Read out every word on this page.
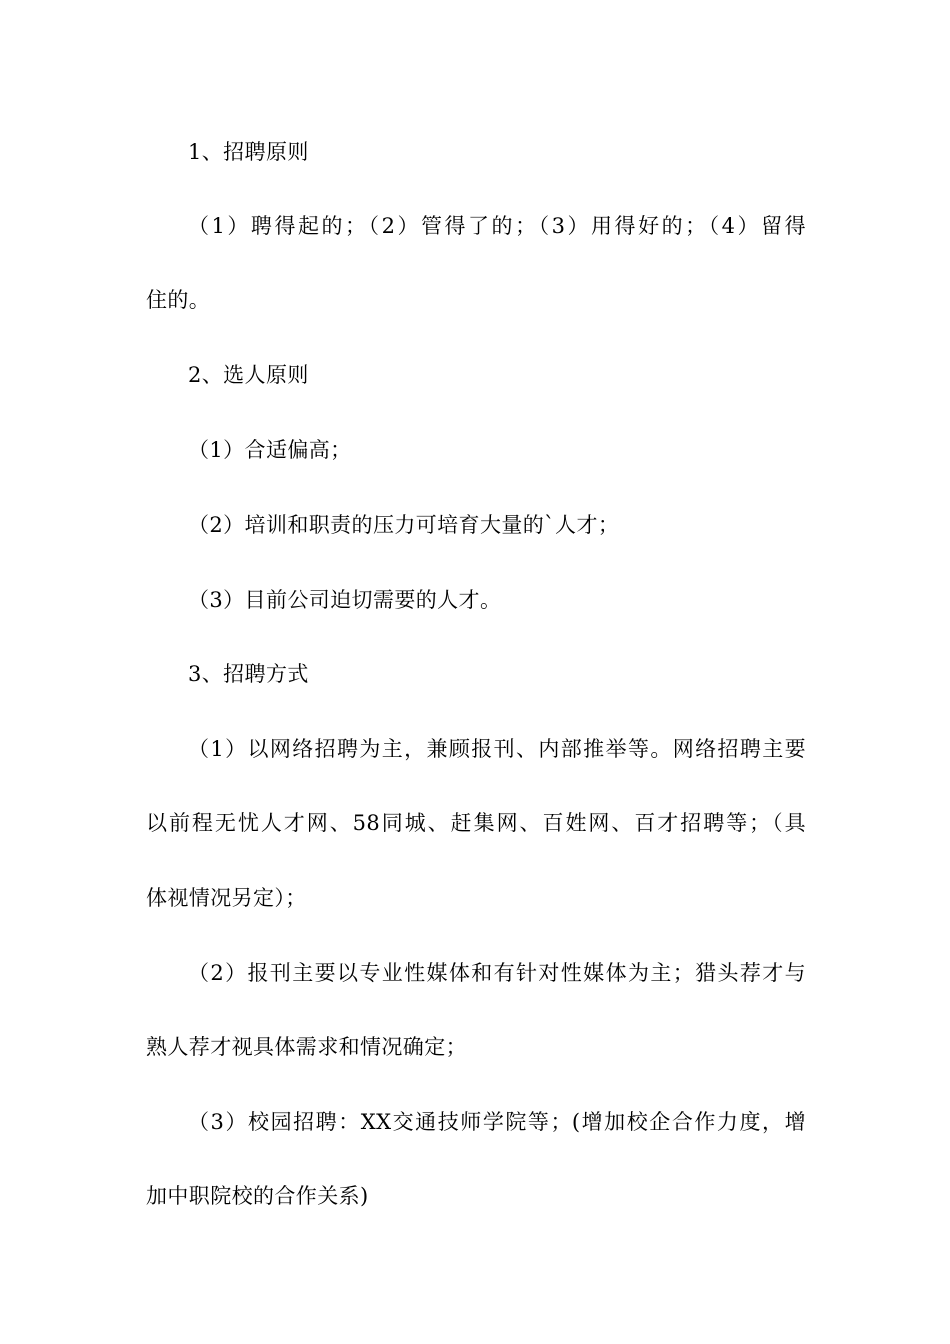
1、招聘原则
（1）聘得起的；（2）管得了的；（3）用得好的；（4）留得
住的。
2、选人原则
（1）合适偏高；
（2）培训和职责的压力可培育大量的`人才；
（3）目前公司迫切需要的人才。
3、招聘方式
（1）以网络招聘为主，兼顾报刊、内部推举等。网络招聘主要
以前程无忧人才网、58同城、赶集网、百姓网、百才招聘等；（具
体视情况另定）；
（2）报刊主要以专业性媒体和有针对性媒体为主；猎头荐才与
熟人荐才视具体需求和情况确定；
（3）校园招聘：XX交通技师学院等；(增加校企合作力度，增
加中职院校的合作关系)
